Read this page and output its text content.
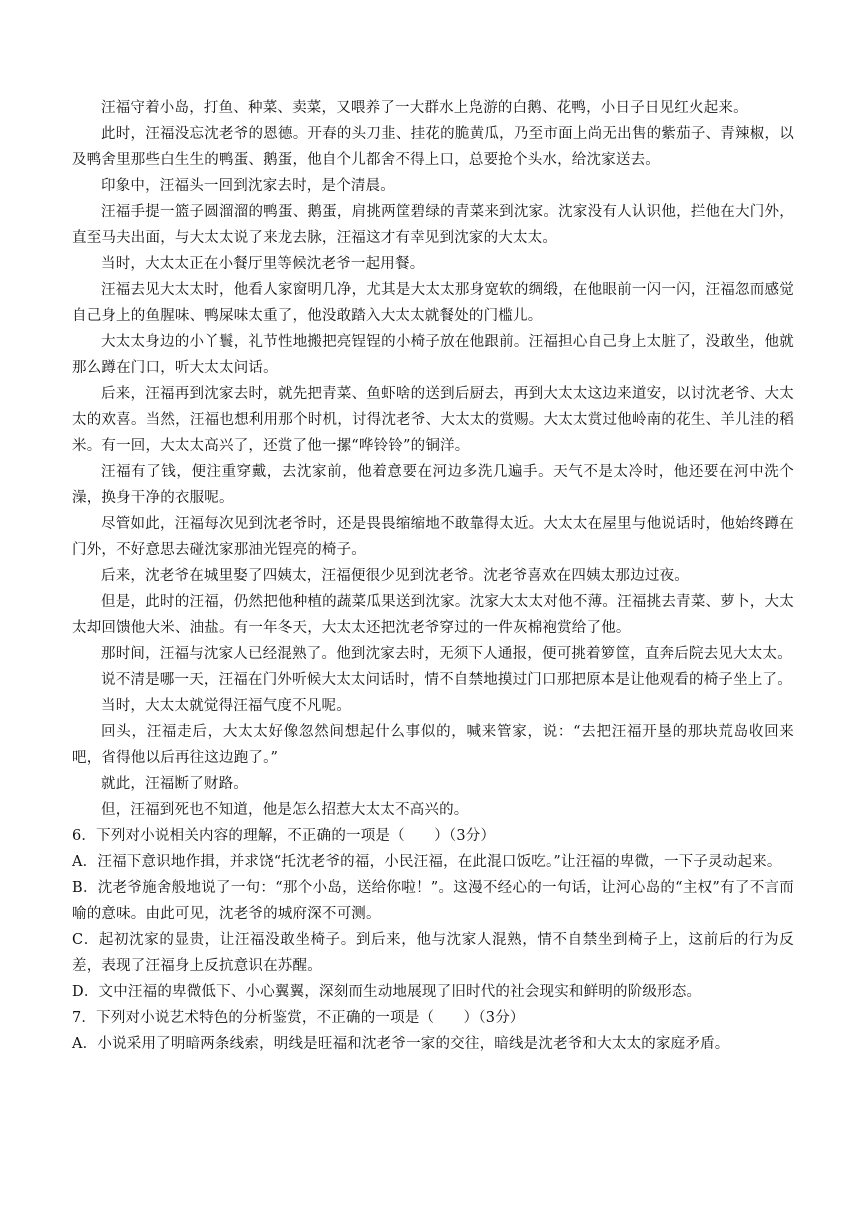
汪福守着小岛，打鱼、种菜、卖菜，又喂养了一大群水上凫游的白鹅、花鸭，小日子日见红火起来。

此时，汪福没忘沈老爷的恩德。开春的头刀韭、挂花的脆黄瓜，乃至市面上尚无出售的紫茄子、青辣椒，以及鸭舍里那些白生生的鸭蛋、鹅蛋，他自个儿都舍不得上口，总要抢个头水，给沈家送去。

印象中，汪福头一回到沈家去时，是个清晨。

汪福手提一篮子圆溜溜的鸭蛋、鹅蛋，肩挑两筐碧绿的青菜来到沈家。沈家没有人认识他，拦他在大门外，直至马夫出面，与大太太说了来龙去脉，汪福这才有幸见到沈家的大太太。

当时，大太太正在小餐厅里等候沈老爷一起用餐。

汪福去见大太太时，他看人家窗明几净，尤其是大太太那身宽软的绸缎，在他眼前一闪一闪，汪福忽而感觉自己身上的鱼腥味、鸭屎味太重了，他没敢踏入大太太就餐处的门槛儿。

大太太身边的小丫鬟，礼节性地搬把亮锃锃的小椅子放在他跟前。汪福担心自己身上太脏了，没敢坐，他就那么蹲在门口，听大太太问话。

后来，汪福再到沈家去时，就先把青菜、鱼虾啥的送到后厨去，再到大太太这边来道安，以讨沈老爷、大太太的欢喜。当然，汪福也想利用那个时机，讨得沈老爷、大太太的赏赐。大太太赏过他岭南的花生、羊儿洼的稻米。有一回，大太太高兴了，还赏了他一摞“哗铃铃”的铜洋。

汪福有了钱，便注重穿戴，去沈家前，他着意要在河边多洗几遍手。天气不是太冷时，他还要在河中洗个澡，换身干净的衣服呢。

尽管如此，汪福每次见到沈老爷时，还是畏畏缩缩地不敢靠得太近。大太太在屋里与他说话时，他始终蹲在门外，不好意思去碰沈家那油光锃亮的椅子。

后来，沈老爷在城里娶了四姨太，汪福便很少见到沈老爷。沈老爷喜欢在四姨太那边过夜。

但是，此时的汪福，仍然把他种植的蔬菜瓜果送到沈家。沈家大太太对他不薄。汪福挑去青菜、萝卜，大太太却回馈他大米、油盐。有一年冬天，大太太还把沈老爷穿过的一件灰棉袍赏给了他。

那时间，汪福与沈家人已经混熟了。他到沈家去时，无须下人通报，便可挑着箩筐，直奔后院去见大太太。

说不清是哪一天，汪福在门外听候大太太问话时，情不自禁地摸过门口那把原本是让他观看的椅子坐上了。

当时，大太太就觉得汪福气度不凡呢。

回头，汪福走后，大太太好像忽然间想起什么事似的，喊来管家，说：“去把汪福开垦的那块荒岛收回来吧，省得他以后再往这边跑了。”

就此，汪福断了财路。

但，汪福到死也不知道，他是怎么招惹大太太不高兴的。

6．下列对小说相关内容的理解，不正确的一项是（　　）（3分）

A．汪福下意识地作揖，并求饶“托沈老爷的福，小民汪福，在此混口饭吃。”让汪福的卑微，一下子灵动起来。

B．沈老爷施舍般地说了一句：“那个小岛，送给你啦！”。这漫不经心的一句话，让河心岛的“主权”有了不言而喻的意味。由此可见，沈老爷的城府深不可测。

C．起初沈家的显贵，让汪福没敢坐椅子。到后来，他与沈家人混熟，情不自禁坐到椅子上，这前后的行为反差，表现了汪福身上反抗意识在苏醒。

D．文中汪福的卑微低下、小心翼翼，深刻而生动地展现了旧时代的社会现实和鲜明的阶级形态。

7．下列对小说艺术特色的分析鉴赏，不正确的一项是（　　）（3分）

A．小说采用了明暗两条线索，明线是旺福和沈老爷一家的交往，暗线是沈老爷和大太太的家庭矛盾。
